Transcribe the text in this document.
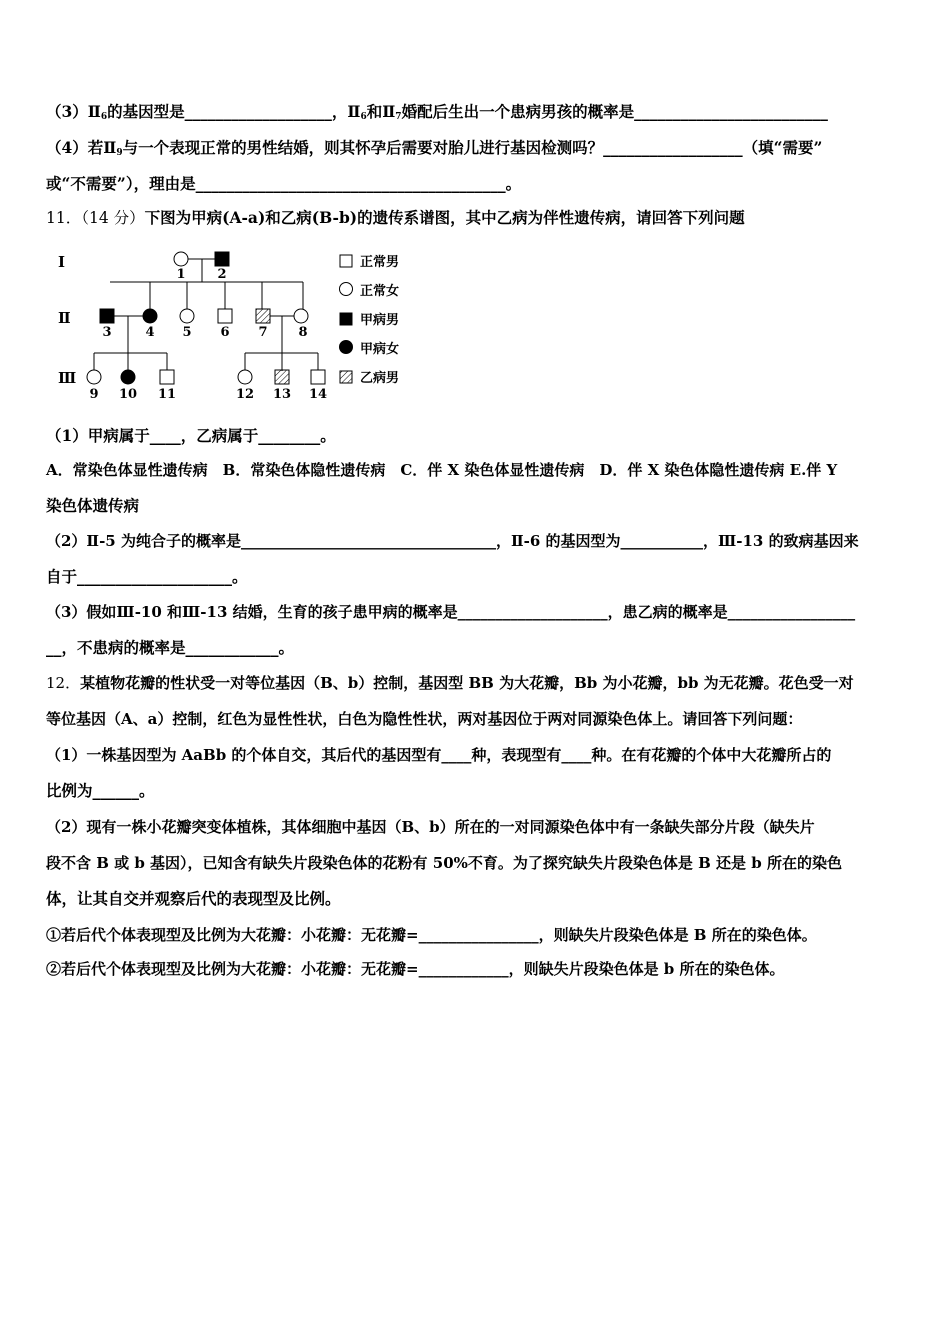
$(3)Ⅱ_6$的基因型是___________________，$Ⅱ_6$和$Ⅱ_7$婚配后生出一个患病男孩的概率是_________________________
（4）若$Ⅱ_9$与一个表现正常的男性结婚，则其怀孕后需要对胎儿进行基因检测吗？__________________（填“需要”
或“不需要”），理由是________________________________________。
11．（14 分）下图为甲病(A-a)和乙病(B-b)的遗传系谱图，其中乙病为伴性遗传病，请回答下列问题
Ⅰ
Ⅱ
Ⅲ
1 2
3	4 5 6 7 8
9 10 11	12 13 14
正常男
正常女
甲病男
甲病女
乙病男
（1）甲病属于____，乙病属于________。
A．常染色体显性遗传病　B．常染色体隐性遗传病　C．伴 X 染色体显性遗传病　D．伴 X 染色体隐性遗传病 E.伴 Y
染色体遗传病
（2）Ⅱ-5 为纯合子的概率是__________________________________，Ⅱ-6 的基因型为___________，Ⅲ-13 的致病基因来
自于____________________。
（3）假如Ⅲ-10 和Ⅲ-13 结婚，生育的孩子患甲病的概率是____________________，患乙病的概率是_________________
__，不患病的概率是____________。
12．某植物花瓣的性状受一对等位基因（B、b）控制，基因型 BB 为大花瓣，Bb 为小花瓣，bb 为无花瓣。花色受一对
等位基因（A、a）控制，红色为显性性状，白色为隐性性状，两对基因位于两对同源染色体上。请回答下列问题：
（1）一株基因型为 AaBb 的个体自交，其后代的基因型有____种，表现型有____种。在有花瓣的个体中大花瓣所占的
比例为______。
（2）现有一株小花瓣突变体植株，其体细胞中基因（B、b）所在的一对同源染色体中有一条缺失部分片段（缺失片
段不含 B 或 b 基因），已知含有缺失片段染色体的花粉有 50%不育。为了探究缺失片段染色体是 B 还是 b 所在的染色
体，让其自交并观察后代的表现型及比例。
①若后代个体表现型及比例为大花瓣：小花瓣：无花瓣=________________，则缺失片段染色体是 B 所在的染色体。
②若后代个体表现型及比例为大花瓣：小花瓣：无花瓣=____________，则缺失片段染色体是 b 所在的染色体。
